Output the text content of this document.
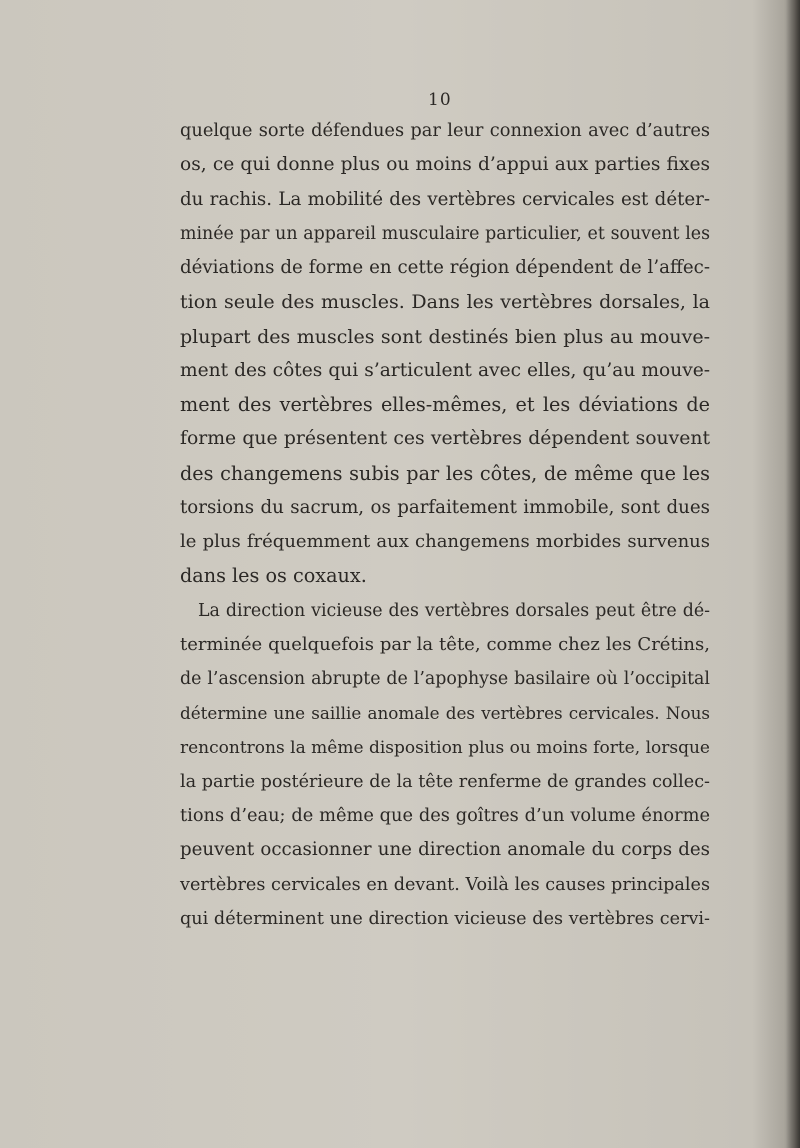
10
quelque sorte défendues par leur connexion avec d’autres
os, ce qui donne plus ou moins d’appui aux parties fixes
du rachis. La mobilité des vertèbres cervicales est déter-
minée par un appareil musculaire particulier, et souvent les
déviations de forme en cette région dépendent de l’affec-
tion seule des muscles. Dans les vertèbres dorsales, la
plupart des muscles sont destinés bien plus au mouve-
ment des côtes qui s’articulent avec elles, qu’au mouve-
ment des vertèbres elles-mêmes, et les déviations de
forme que présentent ces vertèbres dépendent souvent
des changemens subis par les côtes, de même que les
torsions du sacrum, os parfaitement immobile, sont dues
le plus fréquemment aux changemens morbides survenus
dans les os coxaux.
La direction vicieuse des vertèbres dorsales peut être dé-
terminée quelquefois par la tête, comme chez les Crétins,
de l’ascension abrupte de l’apophyse basilaire où l’occipital
détermine une saillie anomale des vertèbres cervicales. Nous
rencontrons la même disposition plus ou moins forte, lorsque
la partie postérieure de la tête renferme de grandes collec-
tions d’eau; de même que des goîtres d’un volume énorme
peuvent occasionner une direction anomale du corps des
vertèbres cervicales en devant. Voilà les causes principales
qui déterminent une direction vicieuse des vertèbres cervi-
